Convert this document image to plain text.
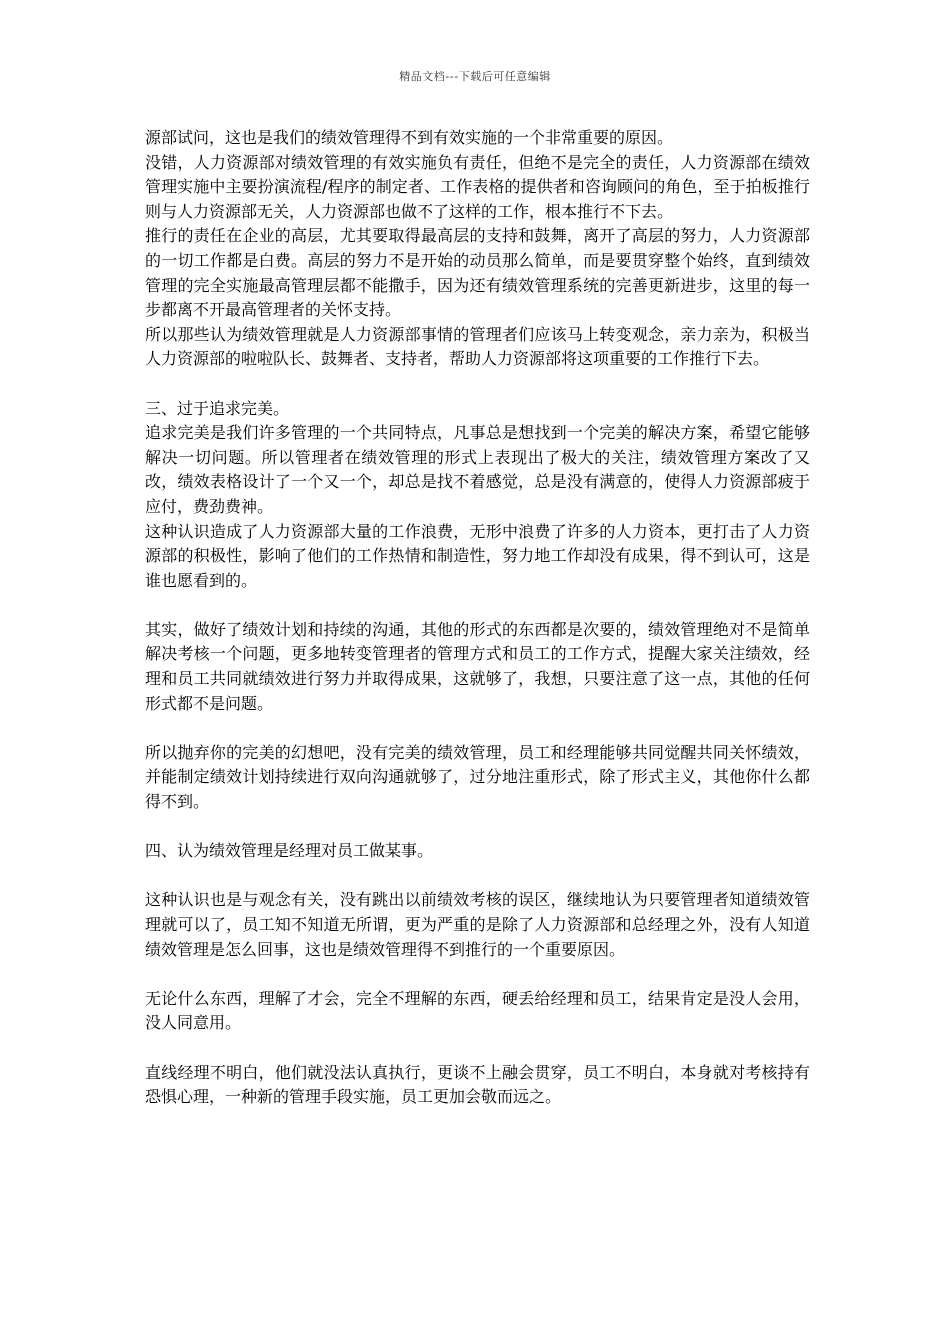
精品文档---下载后可任意编辑

源部试问，这也是我们的绩效管理得不到有效实施的一个非常重要的原因。

没错，人力资源部对绩效管理的有效实施负有责任，但绝不是完全的责任，人力资源部在绩效管理实施中主要扮演流程/程序的制定者、工作表格的提供者和咨询顾问的角色，至于拍板推行则与人力资源部无关，人力资源部也做不了这样的工作，根本推行不下去。

推行的责任在企业的高层，尤其要取得最高层的支持和鼓舞，离开了高层的努力，人力资源部的一切工作都是白费。高层的努力不是开始的动员那么简单，而是要贯穿整个始终，直到绩效管理的完全实施最高管理层都不能撒手，因为还有绩效管理系统的完善更新进步，这里的每一步都离不开最高管理者的关怀支持。

所以那些认为绩效管理就是人力资源部事情的管理者们应该马上转变观念，亲力亲为，积极当人力资源部的啦啦队长、鼓舞者、支持者，帮助人力资源部将这项重要的工作推行下去。

三、过于追求完美。

追求完美是我们许多管理的一个共同特点，凡事总是想找到一个完美的解决方案，希望它能够解决一切问题。所以管理者在绩效管理的形式上表现出了极大的关注，绩效管理方案改了又改，绩效表格设计了一个又一个，却总是找不着感觉，总是没有满意的，使得人力资源部疲于应付，费劲费神。

这种认识造成了人力资源部大量的工作浪费，无形中浪费了许多的人力资本，更打击了人力资源部的积极性，影响了他们的工作热情和制造性，努力地工作却没有成果，得不到认可，这是谁也愿看到的。

其实，做好了绩效计划和持续的沟通，其他的形式的东西都是次要的，绩效管理绝对不是简单解决考核一个问题，更多地转变管理者的管理方式和员工的工作方式，提醒大家关注绩效，经理和员工共同就绩效进行努力并取得成果，这就够了，我想，只要注意了这一点，其他的任何形式都不是问题。

所以抛弃你的完美的幻想吧，没有完美的绩效管理，员工和经理能够共同觉醒共同关怀绩效，并能制定绩效计划持续进行双向沟通就够了，过分地注重形式，除了形式主义，其他你什么都得不到。

四、认为绩效管理是经理对员工做某事。

这种认识也是与观念有关，没有跳出以前绩效考核的误区，继续地认为只要管理者知道绩效管理就可以了，员工知不知道无所谓，更为严重的是除了人力资源部和总经理之外，没有人知道绩效管理是怎么回事，这也是绩效管理得不到推行的一个重要原因。

无论什么东西，理解了才会，完全不理解的东西，硬丢给经理和员工，结果肯定是没人会用，没人同意用。

直线经理不明白，他们就没法认真执行，更谈不上融会贯穿，员工不明白，本身就对考核持有恐惧心理，一种新的管理手段实施，员工更加会敬而远之。
